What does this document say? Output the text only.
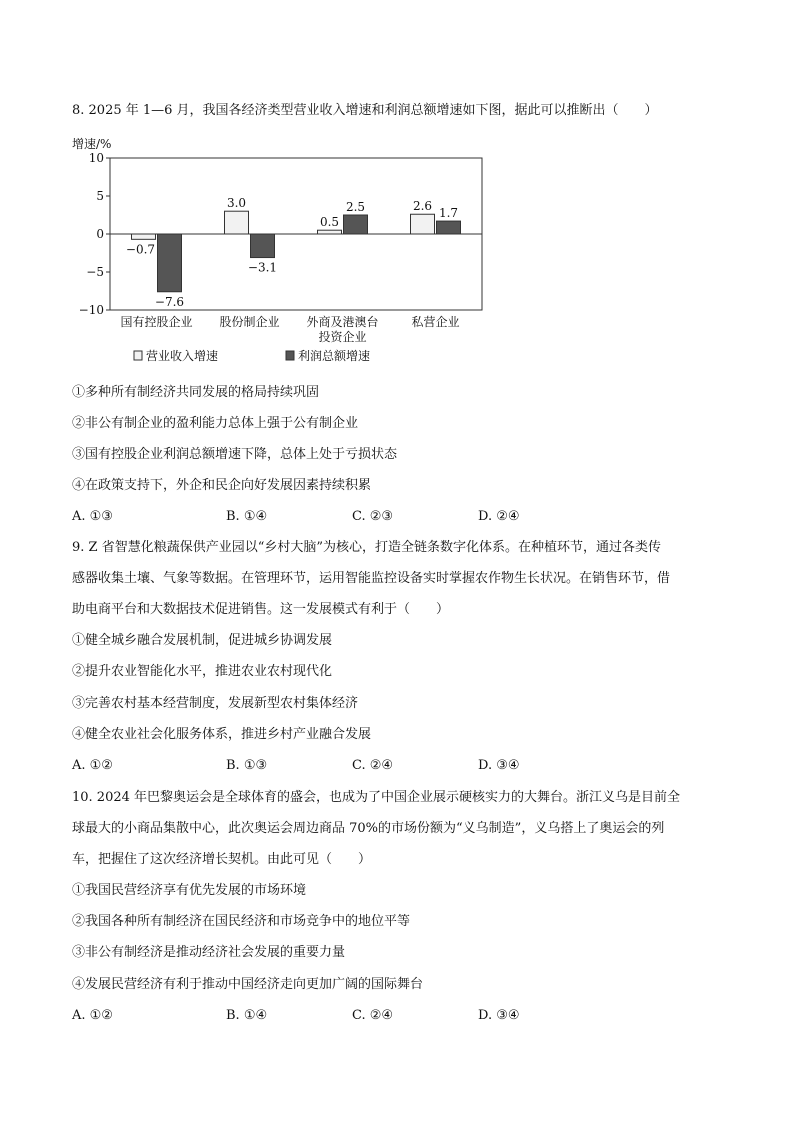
8. 2025 年 1—6 月，我国各经济类型营业收入增速和利润总额增速如下图，据此可以推断出（　　）
增速/%
10
5
0
−5
−10
−0.7
−7.6
国有控股企业
3.0
−3.1
股份制企业
0.5
2.5
外商及港澳台
投资企业
2.6 1.7
私营企业
营业收入增速	利润总额增速
①多种所有制经济共同发展的格局持续巩固
②非公有制企业的盈利能力总体上强于公有制企业
③国有控股企业利润总额增速下降，总体上处于亏损状态
④在政策支持下，外企和民企向好发展因素持续积累
A. ①③	B. ①④	C. ②③	D. ②④
9. Z 省智慧化粮蔬保供产业园以“乡村大脑”为核心，打造全链条数字化体系。在种植环节，通过各类传
感器收集土壤、气象等数据。在管理环节，运用智能监控设备实时掌握农作物生长状况。在销售环节，借
助电商平台和大数据技术促进销售。这一发展模式有利于（　　）
①健全城乡融合发展机制，促进城乡协调发展
②提升农业智能化水平，推进农业农村现代化
③完善农村基本经营制度，发展新型农村集体经济
④健全农业社会化服务体系，推进乡村产业融合发展
A. ①②	B. ①③	C. ②④	D. ③④
10. 2024 年巴黎奥运会是全球体育的盛会，也成为了中国企业展示硬核实力的大舞台。浙江义乌是目前全
球最大的小商品集散中心，此次奥运会周边商品 70%的市场份额为“义乌制造”，义乌搭上了奥运会的列
车，把握住了这次经济增长契机。由此可见（　　）
①我国民营经济享有优先发展的市场环境
②我国各种所有制经济在国民经济和市场竞争中的地位平等
③非公有制经济是推动经济社会发展的重要力量
④发展民营经济有利于推动中国经济走向更加广阔的国际舞台
A. ①②	B. ①④	C. ②④	D. ③④
